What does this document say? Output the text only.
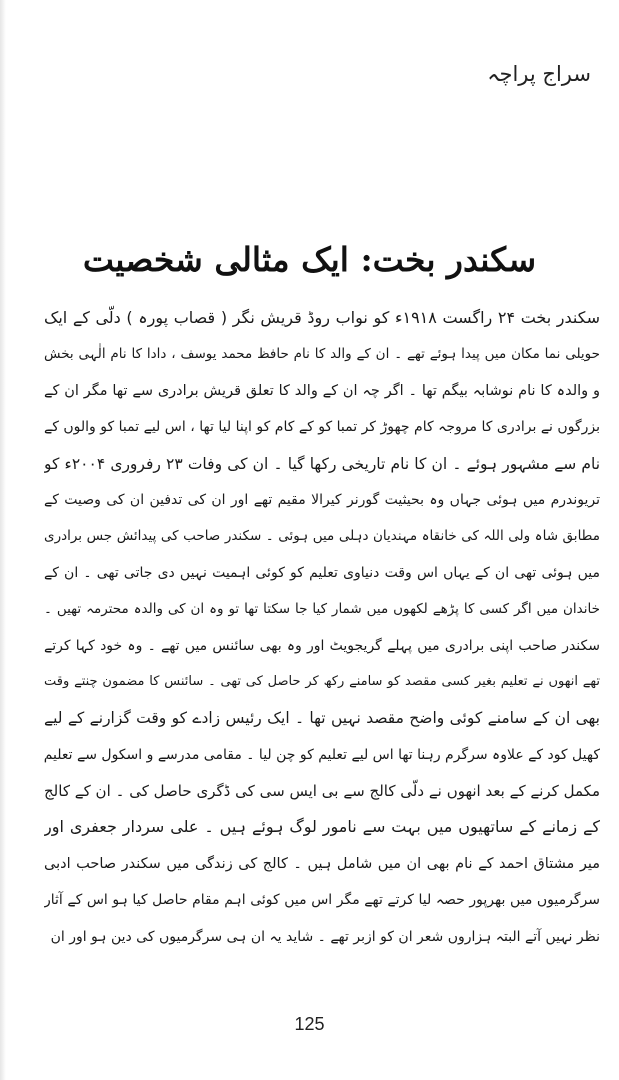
سراج پراچہ
سکندر بخت: ایک مثالی شخصیت
سکندر بخت ۲۴ راگست ۱۹۱۸ء کو نواب روڈ قریش نگر ( قصاب پورہ ) دلّی کے ایک
حویلی نما مکان میں پیدا ہوئے تھے ۔ ان کے والد کا نام حافظ محمد یوسف ، دادا کا نام الٰہی بخش
و والدہ کا نام نوشابہ بیگم تھا ۔ اگر چہ ان کے والد کا تعلق قریش برادری سے تھا مگر ان کے
بزرگوں نے برادری کا مروجہ کام چھوڑ کر تمبا کو کے کام کو اپنا لیا تھا ، اس لیے تمبا کو والوں کے
نام سے مشہور ہوئے ۔ ان کا نام تاریخی رکھا گیا ۔ ان کی وفات ۲۳ رفروری ۲۰۰۴ء کو
تریوندرم میں ہوئی جہاں وہ بحیثیت گورنر کیرالا مقیم تھے اور ان کی تدفین ان کی وصیت کے
مطابق شاہ ولی اللہ کی خانقاہ مہندیان دہلی میں ہوئی ۔ سکندر صاحب کی پیدائش جس برادری
میں ہوئی تھی ان کے یہاں اس وقت دنیاوی تعلیم کو کوئی اہمیت نہیں دی جاتی تھی ۔ ان کے
خاندان میں اگر کسی کا پڑھے لکھوں میں شمار کیا جا سکتا تھا تو وہ ان کی والدہ محترمہ تھیں ۔
سکندر صاحب اپنی برادری میں پہلے گریجویٹ اور وہ بھی سائنس میں تھے ۔ وہ خود کہا کرتے
تھے انھوں نے تعلیم بغیر کسی مقصد کو سامنے رکھ کر حاصل کی تھی ۔ سائنس کا مضمون چنتے وقت
بھی ان کے سامنے کوئی واضح مقصد نہیں تھا ۔ ایک رئیس زادے کو وقت گزارنے کے لیے
کھیل کود کے علاوہ سرگرم رہنا تھا اس لیے تعلیم کو چن لیا ۔ مقامی مدرسے و اسکول سے تعلیم
مکمل کرنے کے بعد انھوں نے دلّی کالج سے بی ایس سی کی ڈگری حاصل کی ۔ ان کے کالج
کے زمانے کے ساتھیوں میں بہت سے نامور لوگ ہوئے ہیں ۔ علی سردار جعفری اور
میر مشتاق احمد کے نام بھی ان میں شامل ہیں ۔ کالج کی زندگی میں سکندر صاحب ادبی
سرگرمیوں میں بھرپور حصہ لیا کرتے تھے مگر اس میں کوئی اہم مقام حاصل کیا ہو اس کے آثار
نظر نہیں آتے البتہ ہزاروں شعر ان کو ازبر تھے ۔ شاید یہ ان ہی سرگرمیوں کی دین ہو اور ان
125
